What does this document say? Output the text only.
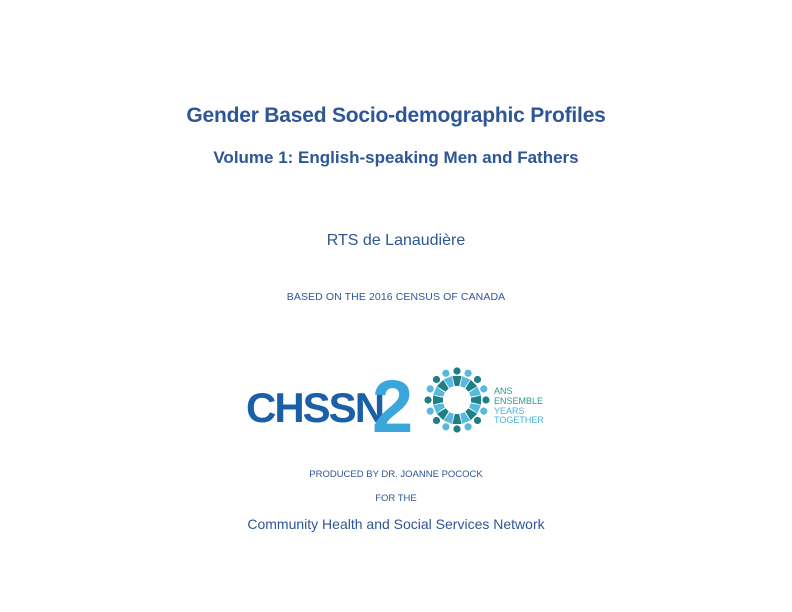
Gender Based Socio-demographic Profiles
Volume 1: English-speaking Men and Fathers
RTS de Lanaudière
BASED ON THE 2016 CENSUS OF CANADA
CHSSN
2	ANS
ENSEMBLE
YEARS
TOGETHER
PRODUCED BY DR. JOANNE POCOCK
FOR THE
Community Health and Social Services Network
